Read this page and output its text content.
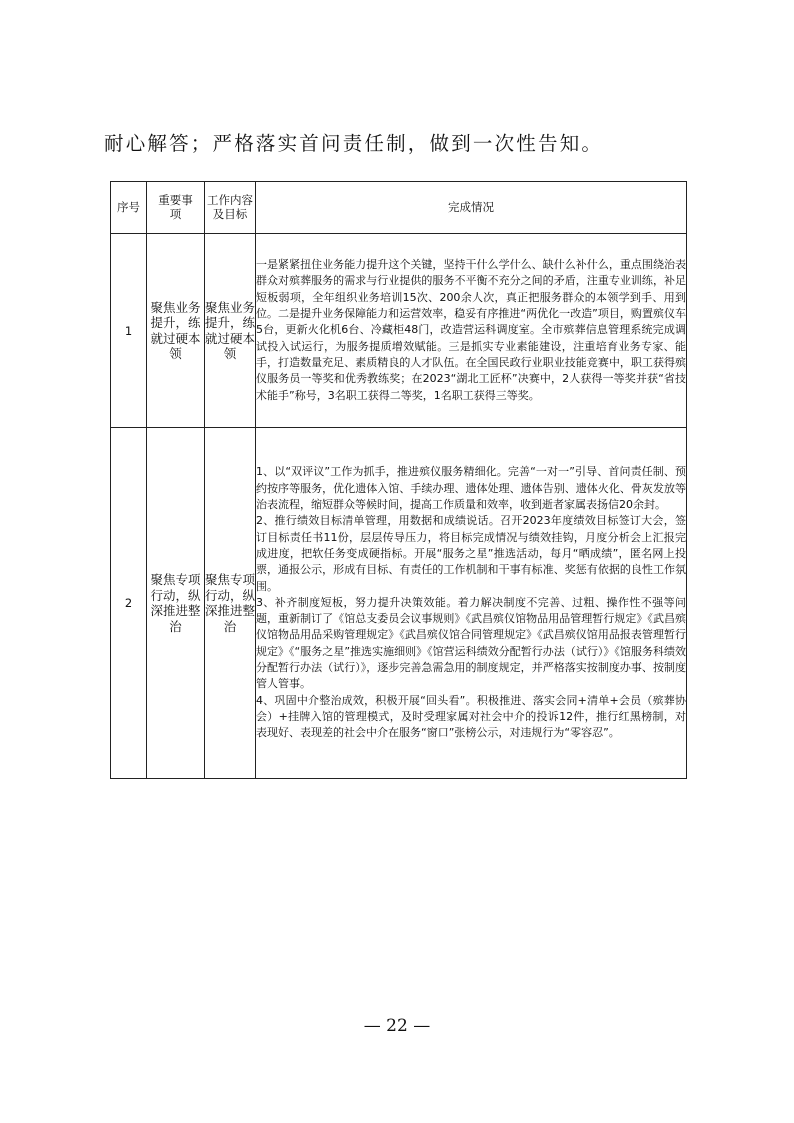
耐心解答；严格落实首问责任制，做到一次性告知。
序号	重要事项	工作内容及目标	完成情况
1	聚焦业务提升，练就过硬本领	聚焦业务提升，练就过硬本领	一是紧紧扭住业务能力提升这个关键，坚持干什么学什么、缺什么补什么，重点围绕治表群众对殡葬服务的需求与行业提供的服务不平衡不充分之间的矛盾，注重专业训练，补足短板弱项，全年组织业务培训15次、200余人次，真正把服务群众的本领学到手、用到位。二是提升业务保障能力和运营效率，稳妥有序推进“两优化一改造”项目，购置殡仪车5台，更新火化机6台、冷藏柜48门，改造营运科调度室。全市殡葬信息管理系统完成调试投入试运行，为服务提质增效赋能。三是抓实专业素能建设，注重培育业务专家、能手，打造数量充足、素质精良的人才队伍。在全国民政行业职业技能竞赛中，职工获得殡仪服务员一等奖和优秀教练奖；在2023“湖北工匠杯”决赛中，2人获得一等奖并获“省技术能手”称号，3名职工获得二等奖，1名职工获得三等奖。

2	聚焦专项行动，纵深推进整治	聚焦专项行动，纵深推进整治	1、以“双评议”工作为抓手，推进殡仪服务精细化。完善“一对一”引导、首问责任制、预约按序等服务，优化遗体入馆、手续办理、遗体处理、遗体告别、遗体火化、骨灰发放等治表流程，缩短群众等候时间，提高工作质量和效率，收到逝者家属表扬信20余封。

2、推行绩效目标清单管理，用数据和成绩说话。召开2023年度绩效目标签订大会，签订目标责任书11份，层层传导压力，将目标完成情况与绩效挂钩，月度分析会上汇报完成进度，把软任务变成硬指标。开展“服务之星”推选活动，每月“晒成绩”，匿名网上投票，通报公示，形成有目标、有责任的工作机制和干事有标准、奖惩有依据的良性工作氛围。

3、补齐制度短板，努力提升决策效能。着力解决制度不完善、过粗、操作性不强等问题，重新制订了《馆总支委员会议事规则》《武昌殡仪馆物品用品管理暂行规定》《武昌殡仪馆物品用品采购管理规定》《武昌殡仪馆合同管理规定》《武昌殡仪馆用品报表管理暂行规定》《“服务之星”推选实施细则》《馆营运科绩效分配暂行办法（试行）》《馆服务科绩效分配暂行办法（试行）》，逐步完善急需急用的制度规定，并严格落实按制度办事、按制度管人管事。

4、巩固中介整治成效，积极开展“回头看”。积极推进、落实会同+清单+会员（殡葬协会）+挂牌入馆的管理模式，及时受理家属对社会中介的投诉12件，推行红黑榜制，对表现好、表现差的社会中介在服务“窗口”张榜公示，对违规行为“零容忍”。

— 22 —
